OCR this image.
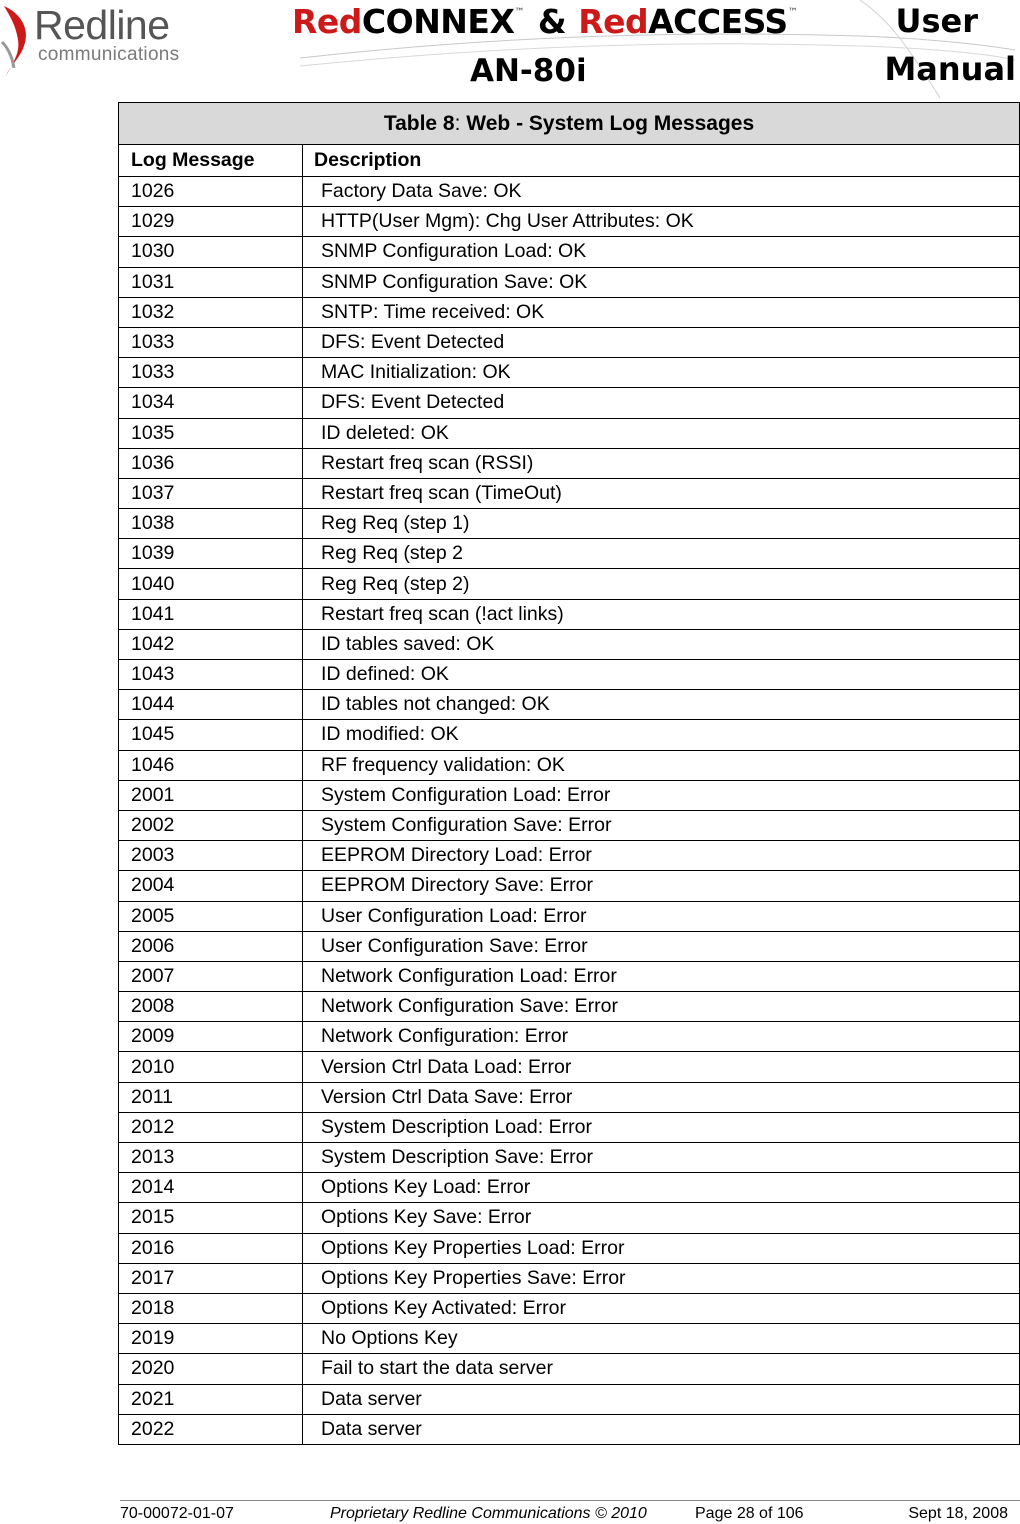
Redline
communications
RedCONNEX™ & RedACCESS™
AN-80i
User
Manual
Table 8: Web - System Log Messages	
Log Message	Description
1026	Factory Data Save: OK
1029	HTTP(User Mgm): Chg User Attributes: OK
1030	SNMP Configuration Load: OK
1031	SNMP Configuration Save: OK
1032	SNTP: Time received: OK
1033	DFS: Event Detected
1033	MAC Initialization: OK
1034	DFS: Event Detected
1035	ID deleted: OK
1036	Restart freq scan (RSSI)
1037	Restart freq scan (TimeOut)
1038	Reg Req (step 1)
1039	Reg Req (step 2
1040	Reg Req (step 2)
1041	Restart freq scan (!act links)
1042	ID tables saved: OK
1043	ID defined: OK
1044	ID tables not changed: OK
1045	ID modified: OK
1046	RF frequency validation: OK
2001	System Configuration Load: Error
2002	System Configuration Save: Error
2003	EEPROM Directory Load: Error
2004	EEPROM Directory Save: Error
2005	User Configuration Load: Error
2006	User Configuration Save: Error
2007	Network Configuration Load: Error
2008	Network Configuration Save: Error
2009	Network Configuration: Error
2010	Version Ctrl Data Load: Error
2011	Version Ctrl Data Save: Error
2012	System Description Load: Error
2013	System Description Save: Error
2014	Options Key Load: Error
2015	Options Key Save: Error
2016	Options Key Properties Load: Error
2017	Options Key Properties Save: Error
2018	Options Key Activated: Error
2019	No Options Key
2020	Fail to start the data server
2021	Data server
2022	Data server
70-00072-01-07	Proprietary Redline Communications © 2010	Page 28 of 106	Sept 18, 2008
